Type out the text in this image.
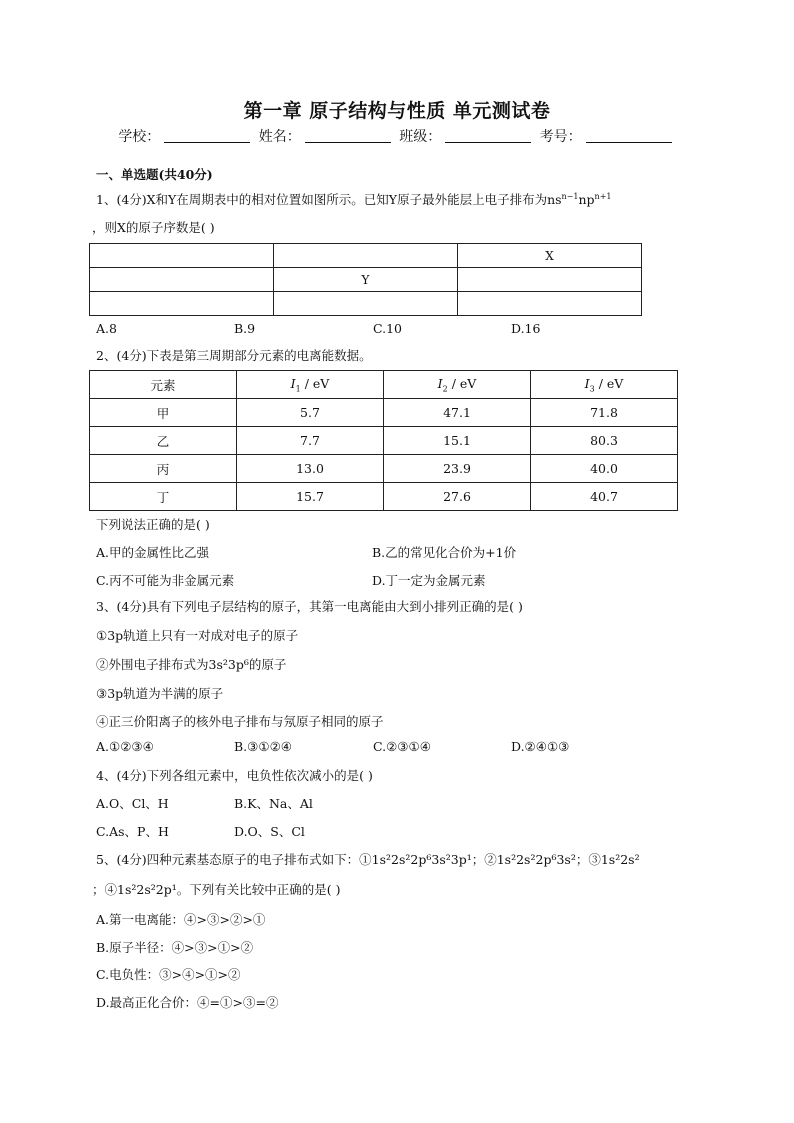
第一章 原子结构与性质 单元测试卷
学校：	姓名：	班级：	考号：
一、单选题(共40分)
1、(4分)X和Y在周期表中的相对位置如图所示。已知Y原子最外能层上电子排布为$ns^{n-1}np^{n+1}$
，则X的原子序数是( )
		X
	Y	

A.8	B.9	C.10	D.16
2、(4分)下表是第三周期部分元素的电离能数据。
元素	$I_1$ / eV	$I_2$ / eV	$I_3$ / eV
甲	5.7	47.1	71.8
乙	7.7	15.1	80.3
丙	13.0	23.9	40.0
丁	15.7	27.6	40.7
下列说法正确的是( )
A.甲的金属性比乙强	B.乙的常见化合价为+1价
C.丙不可能为非金属元素	D.丁一定为金属元素
3、(4分)具有下列电子层结构的原子，其第一电离能由大到小排列正确的是( )
①3p轨道上只有一对成对电子的原子
②外围电子排布式为3s²3p⁶的原子
③3p轨道为半满的原子
④正三价阳离子的核外电子排布与氖原子相同的原子
A.①②③④	B.③①②④	C.②③①④	D.②④①③
4、(4分)下列各组元素中，电负性依次减小的是( )
A.O、Cl、H	B.K、Na、Al
C.As、P、H	D.O、S、Cl
5、(4分)四种元素基态原子的电子排布式如下：①1s²2s²2p⁶3s²3p¹；②1s²2s²2p⁶3s²；③1s²2s²
；④1s²2s²2p¹。下列有关比较中正确的是( )
A.第一电离能：④>③>②>①
B.原子半径：④>③>①>②
C.电负性：③>④>①>②
D.最高正化合价：④=①>③=②
